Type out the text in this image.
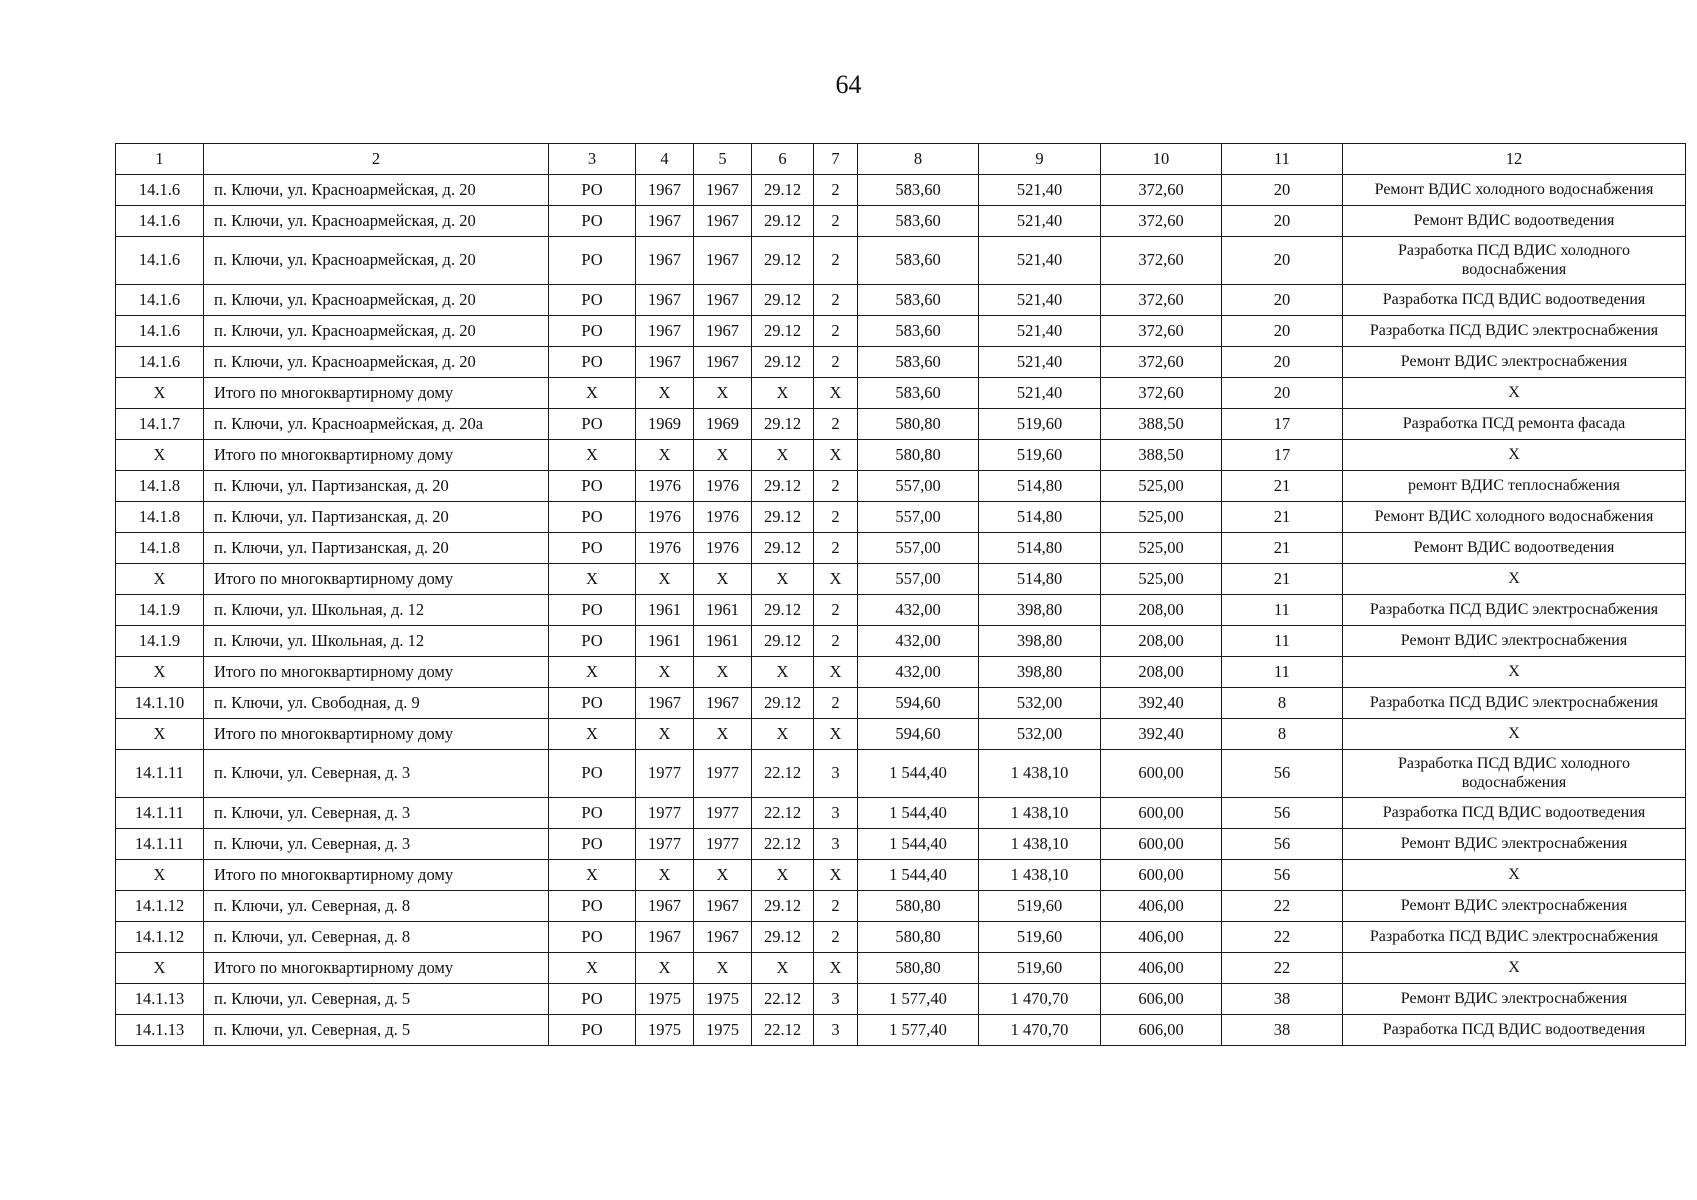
64
1	2	3	4	5	6	7	8	9	10	11	12
14.1.6	п. Ключи, ул. Красноармейская, д. 20	РО	1967	1967	29.12	2	583,60	521,40	372,60	20	Ремонт ВДИС холодного водоснабжения
14.1.6	п. Ключи, ул. Красноармейская, д. 20	РО	1967	1967	29.12	2	583,60	521,40	372,60	20	Ремонт ВДИС водоотведения
14.1.6	п. Ключи, ул. Красноармейская, д. 20	РО	1967	1967	29.12	2	583,60	521,40	372,60	20	Разработка ПСД ВДИС холодного водоснабжения
14.1.6	п. Ключи, ул. Красноармейская, д. 20	РО	1967	1967	29.12	2	583,60	521,40	372,60	20	Разработка ПСД ВДИС водоотведения
14.1.6	п. Ключи, ул. Красноармейская, д. 20	РО	1967	1967	29.12	2	583,60	521,40	372,60	20	Разработка ПСД ВДИС электроснабжения
14.1.6	п. Ключи, ул. Красноармейская, д. 20	РО	1967	1967	29.12	2	583,60	521,40	372,60	20	Ремонт ВДИС электроснабжения
Х	Итого по многоквартирному дому	Х	Х	Х	Х	Х	583,60	521,40	372,60	20	Х
14.1.7	п. Ключи, ул. Красноармейская, д. 20а	РО	1969	1969	29.12	2	580,80	519,60	388,50	17	Разработка ПСД ремонта фасада
Х	Итого по многоквартирному дому	Х	Х	Х	Х	Х	580,80	519,60	388,50	17	Х
14.1.8	п. Ключи, ул. Партизанская, д. 20	РО	1976	1976	29.12	2	557,00	514,80	525,00	21	ремонт ВДИС теплоснабжения
14.1.8	п. Ключи, ул. Партизанская, д. 20	РО	1976	1976	29.12	2	557,00	514,80	525,00	21	Ремонт ВДИС холодного водоснабжения
14.1.8	п. Ключи, ул. Партизанская, д. 20	РО	1976	1976	29.12	2	557,00	514,80	525,00	21	Ремонт ВДИС водоотведения
Х	Итого по многоквартирному дому	Х	Х	Х	Х	Х	557,00	514,80	525,00	21	Х
14.1.9	п. Ключи, ул. Школьная, д. 12	РО	1961	1961	29.12	2	432,00	398,80	208,00	11	Разработка ПСД ВДИС электроснабжения
14.1.9	п. Ключи, ул. Школьная, д. 12	РО	1961	1961	29.12	2	432,00	398,80	208,00	11	Ремонт ВДИС электроснабжения
Х	Итого по многоквартирному дому	Х	Х	Х	Х	Х	432,00	398,80	208,00	11	Х
14.1.10	п. Ключи, ул. Свободная, д. 9	РО	1967	1967	29.12	2	594,60	532,00	392,40	8	Разработка ПСД ВДИС электроснабжения
Х	Итого по многоквартирному дому	Х	Х	Х	Х	Х	594,60	532,00	392,40	8	Х
14.1.11	п. Ключи, ул. Северная, д. 3	РО	1977	1977	22.12	3	1 544,40	1 438,10	600,00	56	Разработка ПСД ВДИС холодного водоснабжения
14.1.11	п. Ключи, ул. Северная, д. 3	РО	1977	1977	22.12	3	1 544,40	1 438,10	600,00	56	Разработка ПСД ВДИС водоотведения
14.1.11	п. Ключи, ул. Северная, д. 3	РО	1977	1977	22.12	3	1 544,40	1 438,10	600,00	56	Ремонт ВДИС электроснабжения
Х	Итого по многоквартирному дому	Х	Х	Х	Х	Х	1 544,40	1 438,10	600,00	56	Х
14.1.12	п. Ключи, ул. Северная, д. 8	РО	1967	1967	29.12	2	580,80	519,60	406,00	22	Ремонт ВДИС электроснабжения
14.1.12	п. Ключи, ул. Северная, д. 8	РО	1967	1967	29.12	2	580,80	519,60	406,00	22	Разработка ПСД ВДИС электроснабжения
Х	Итого по многоквартирному дому	Х	Х	Х	Х	Х	580,80	519,60	406,00	22	Х
14.1.13	п. Ключи, ул. Северная, д. 5	РО	1975	1975	22.12	3	1 577,40	1 470,70	606,00	38	Ремонт ВДИС электроснабжения
14.1.13	п. Ключи, ул. Северная, д. 5	РО	1975	1975	22.12	3	1 577,40	1 470,70	606,00	38	Разработка ПСД ВДИС водоотведения
